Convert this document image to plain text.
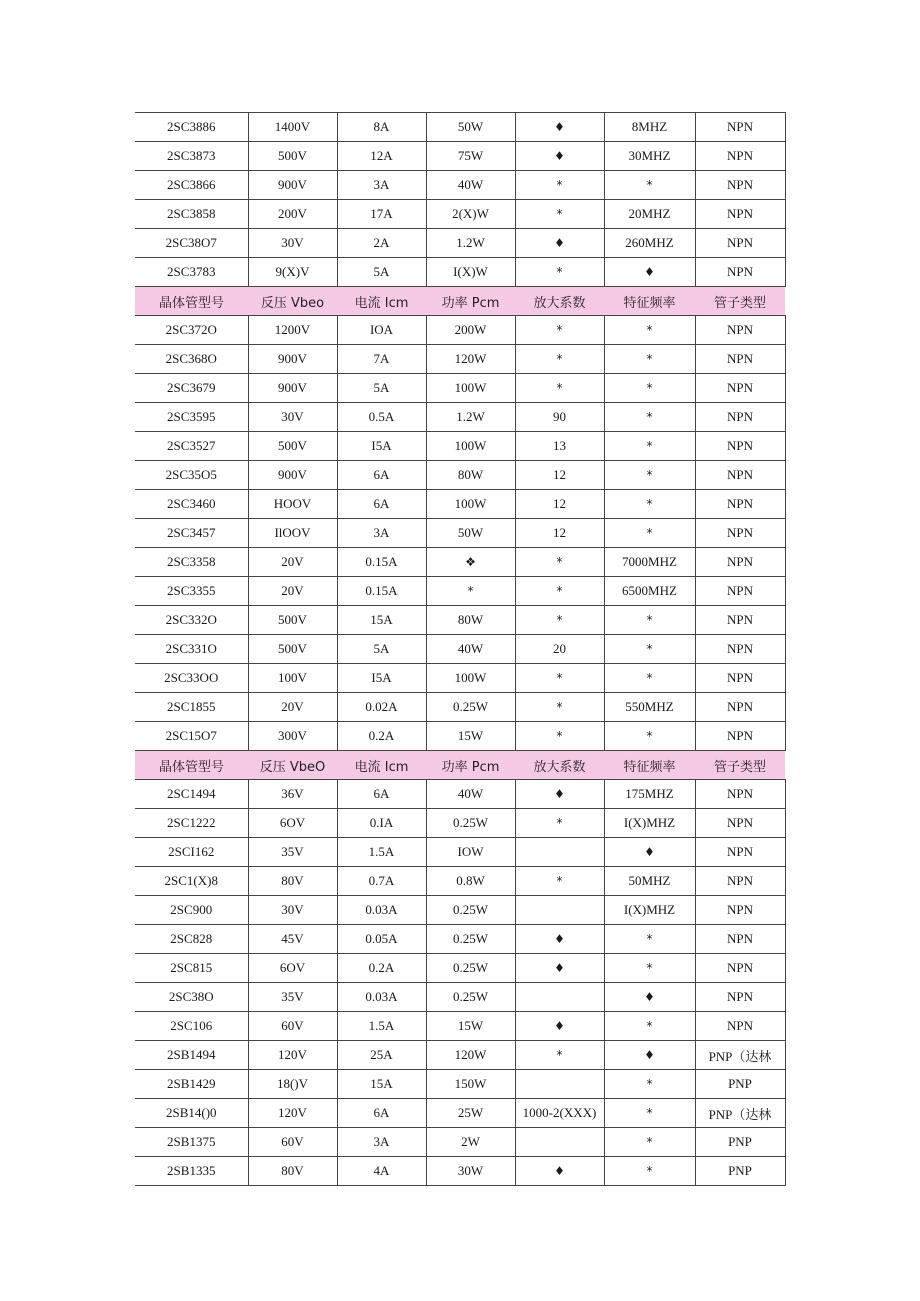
2SC3886	1400V	8A	50W	♦	8MHZ	NPN
2SC3873	500V	12A	75W	♦	30MHZ	NPN
2SC3866	900V	3A	40W	*	*	NPN
2SC3858	200V	17A	2(X)W	*	20MHZ	NPN
2SC38O7	30V	2A	1.2W	♦	260MHZ	NPN
2SC3783	9(X)V	5A	I(X)W	*	♦	NPN
晶体管型号	反压 Vbeo	电流 Icm	功率 Pcm	放大系数	特征频率	管子类型
2SC372O	1200V	IOA	200W	*	*	NPN
2SC368O	900V	7A	120W	*	*	NPN
2SC3679	900V	5A	100W	*	*	NPN
2SC3595	30V	0.5A	1.2W	90	*	NPN
2SC3527	500V	I5A	100W	13	*	NPN
2SC35O5	900V	6A	80W	12	*	NPN
2SC3460	HOOV	6A	100W	12	*	NPN
2SC3457	IlOOV	3A	50W	12	*	NPN
2SC3358	20V	0.15A	❖	*	7000MHZ	NPN
2SC3355	20V	0.15A	*	*	6500MHZ	NPN
2SC332O	500V	15A	80W	*	*	NPN
2SC331O	500V	5A	40W	20	*	NPN
2SC33OO	100V	I5A	100W	*	*	NPN
2SC1855	20V	0.02A	0.25W	*	550MHZ	NPN
2SC15O7	300V	0.2A	15W	*	*	NPN
晶体管型号	反压 VbeO	电流 Icm	功率 Pcm	放大系数	特征频率	管子类型
2SC1494	36V	6A	40W	♦	175MHZ	NPN
2SC1222	6OV	0.IA	0.25W	*	I(X)MHZ	NPN
2SCI162	35V	1.5A	IOW		♦	NPN
2SC1(X)8	80V	0.7A	0.8W	*	50MHZ	NPN
2SC900	30V	0.03A	0.25W		I(X)MHZ	NPN
2SC828	45V	0.05A	0.25W	♦	*	NPN
2SC815	6OV	0.2A	0.25W	♦	*	NPN
2SC38O	35V	0.03A	0.25W		♦	NPN
2SC106	60V	1.5A	15W	♦	*	NPN
2SB1494	120V	25A	120W	*	♦	PNP（达林
2SB1429	18()V	15A	150W		*	PNP
2SB14()0	120V	6A	25W	1000-2(XXX)	*	PNP（达林
2SB1375	60V	3A	2W		*	PNP
2SB1335	80V	4A	30W	♦	*	PNP
